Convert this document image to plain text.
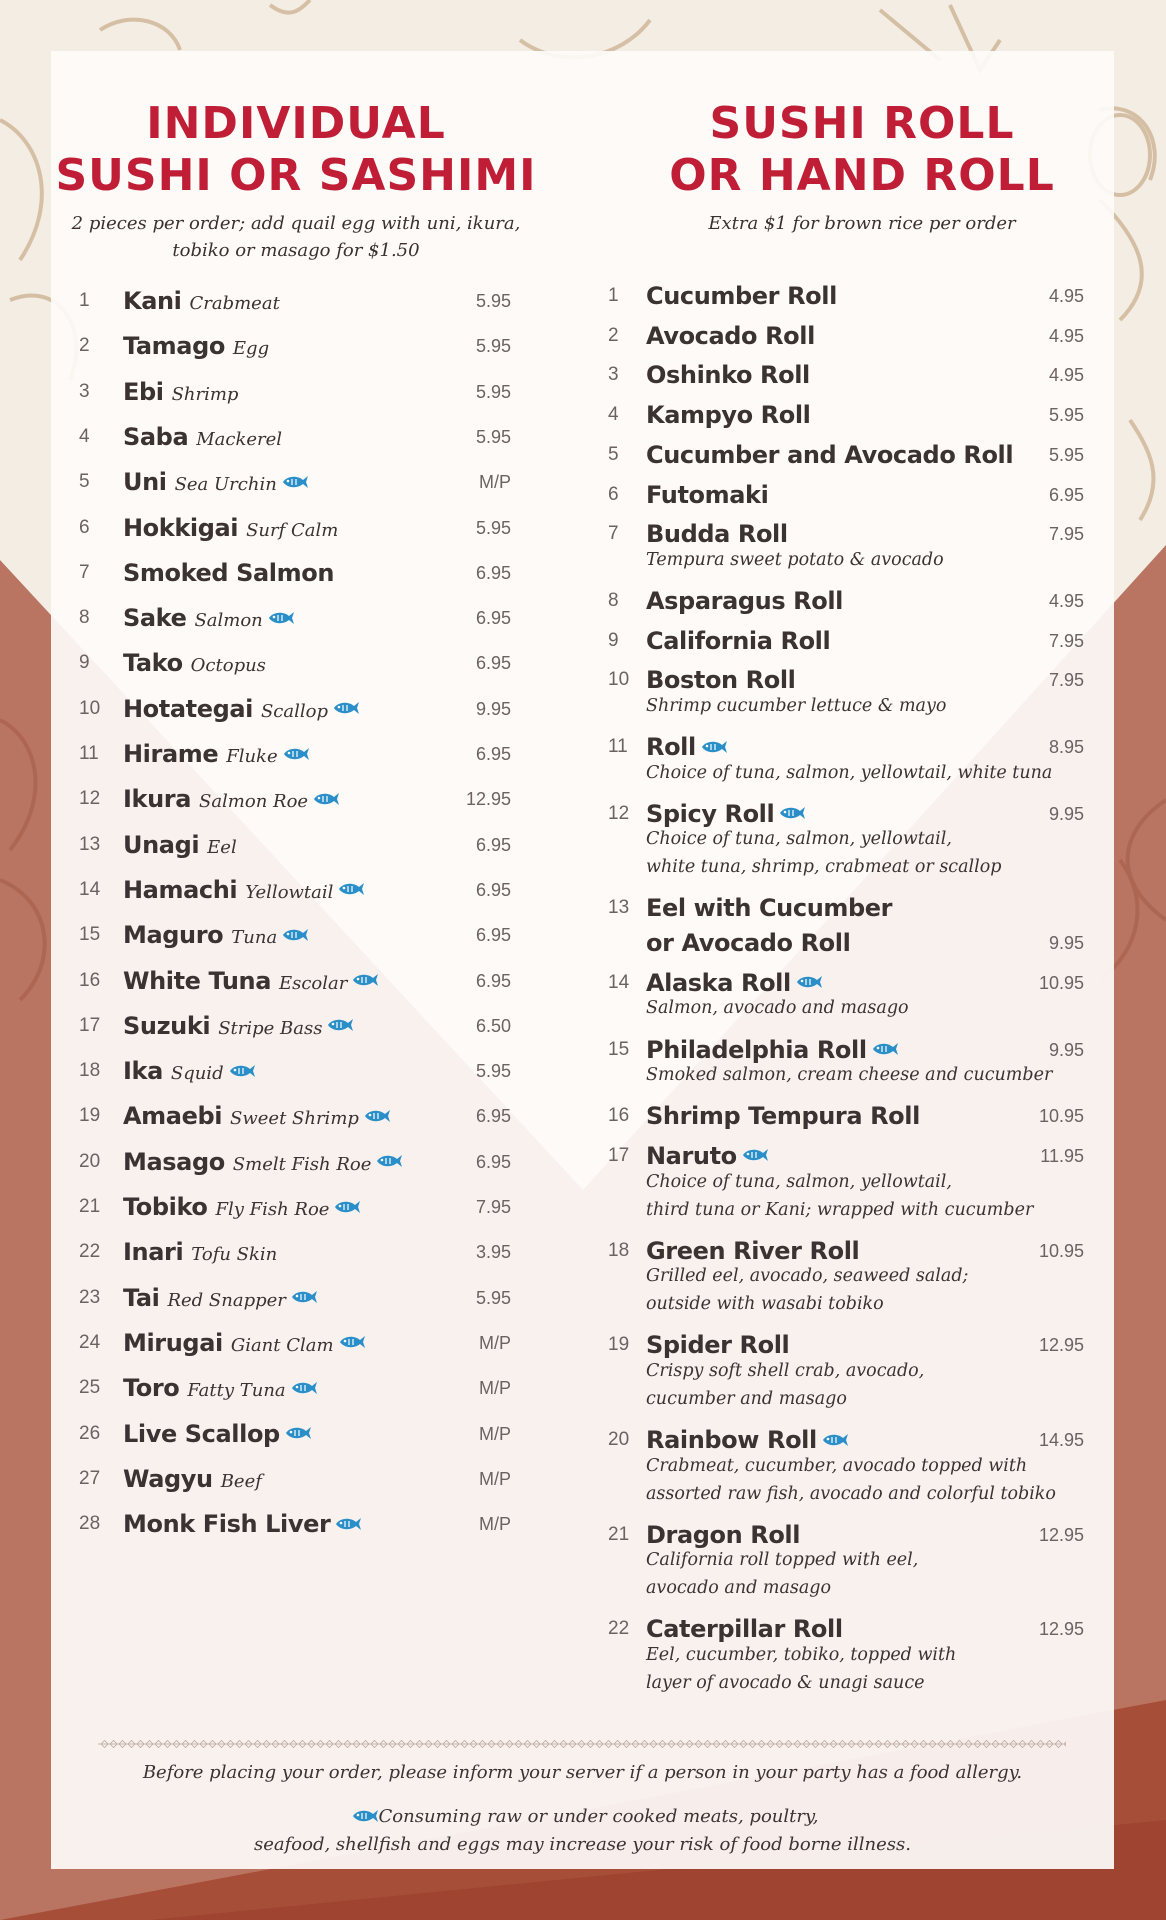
INDIVIDUAL
SUSHI OR SASHIMI
2 pieces per order; add quail egg with uni, ikura,
tobiko or masago for $1.50
SUSHI ROLL
OR HAND ROLL
Extra $1 for brown rice per order
1 Kani Crabmeat	5.95
2 Tamago Egg	5.95
3 Ebi Shrimp	5.95
4 Saba Mackerel	5.95
5 Uni Sea Urchin	M/P
6 Hokkigai Surf Calm	5.95
7 Smoked Salmon	6.95
8 Sake Salmon	6.95
9 Tako Octopus	6.95
10 Hotategai Scallop	9.95
11 Hirame Fluke	6.95
12 Ikura Salmon Roe	12.95
13 Unagi Eel	6.95
14 Hamachi Yellowtail	6.95
15 Maguro Tuna	6.95
16 White Tuna Escolar	6.95
17 Suzuki Stripe Bass	6.50
18 Ika Squid	5.95
19 Amaebi Sweet Shrimp	6.95
20 Masago Smelt Fish Roe	6.95
21 Tobiko Fly Fish Roe	7.95
22 Inari Tofu Skin	3.95
23 Tai Red Snapper	5.95
24 Mirugai Giant Clam	M/P
25 Toro Fatty Tuna	M/P
26 Live Scallop	M/P
27 Wagyu Beef	M/P
28 Monk Fish Liver	M/P
1 Cucumber Roll	4.95
2 Avocado Roll	4.95
3 Oshinko Roll	4.95
4 Kampyo Roll	5.95
5 Cucumber and Avocado Roll 5.95
6 Futomaki	6.95
7 Budda Roll	7.95
Tempura sweet potato & avocado
8 Asparagus Roll	4.95
9 California Roll	7.95
10 Boston Roll	7.95
Shrimp cucumber lettuce & mayo
11 Roll	8.95
Choice of tuna, salmon, yellowtail, white tuna
12 Spicy Roll	9.95
Choice of tuna, salmon, yellowtail,
white tuna, shrimp, crabmeat or scallop
13 Eel with Cucumber
or Avocado Roll	9.95
14 Alaska Roll	10.95
Salmon, avocado and masago
15 Philadelphia Roll	9.95
Smoked salmon, cream cheese and cucumber
16 Shrimp Tempura Roll	10.95
17 Naruto	11.95
Choice of tuna, salmon, yellowtail,
third tuna or Kani; wrapped with cucumber
18 Green River Roll	10.95
Grilled eel, avocado, seaweed salad;
outside with wasabi tobiko
19 Spider Roll	12.95
Crispy soft shell crab, avocado,
cucumber and masago
20 Rainbow Roll	14.95
Crabmeat, cucumber, avocado topped with
assorted raw fish, avocado and colorful tobiko
21 Dragon Roll	12.95
California roll topped with eel,
avocado and masago
22 Caterpillar Roll	12.95
Eel, cucumber, tobiko, topped with
layer of avocado & unagi sauce
Before placing your order, please inform your server if a person in your party has a food allergy.
Consuming raw or under cooked meats, poultry,
seafood, shellfish and eggs may increase your risk of food borne illness.
